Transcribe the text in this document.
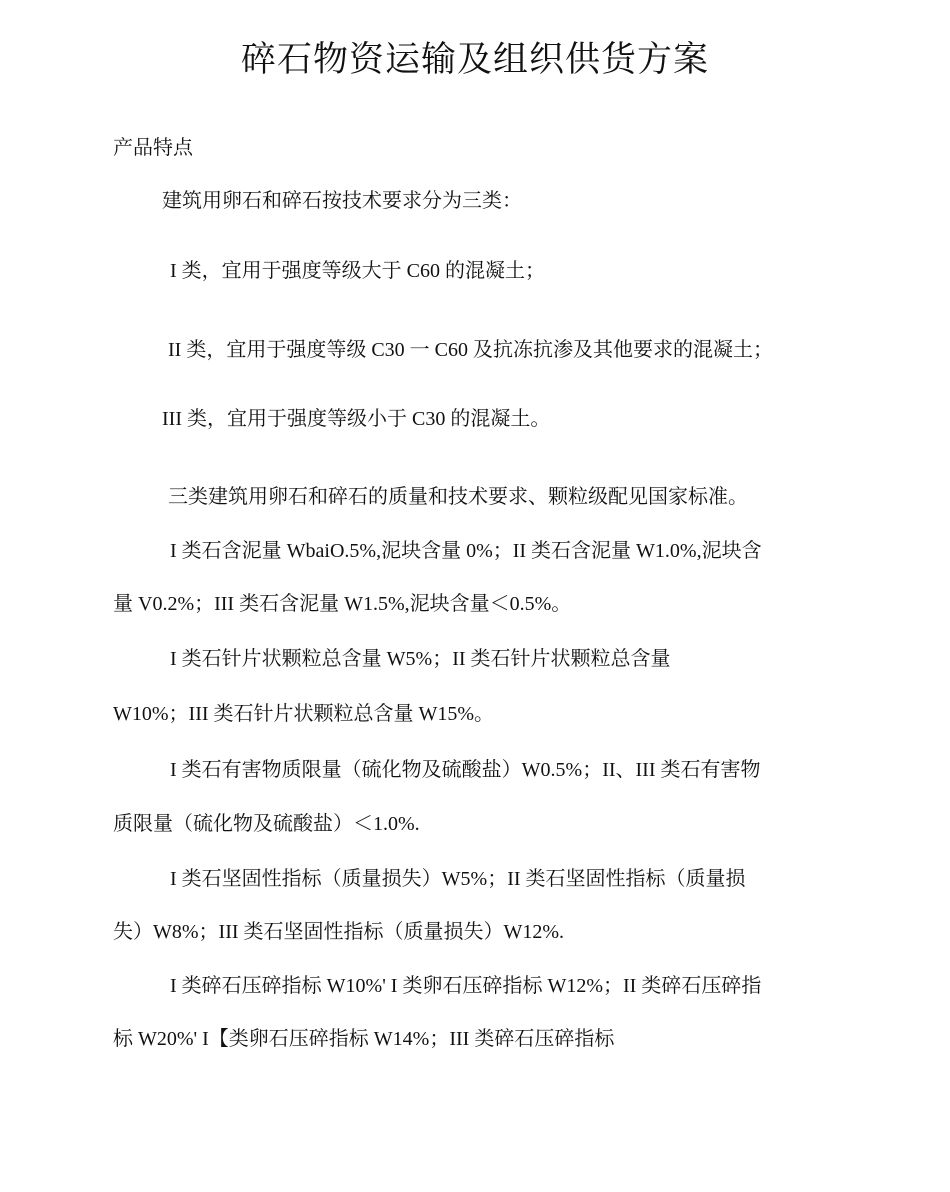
碎石物资运输及组织供货方案
产品特点
建筑用卵石和碎石按技术要求分为三类：
I 类，宜用于强度等级大于 C60 的混凝土；
II 类，宜用于强度等级 C30 一 C60 及抗冻抗渗及其他要求的混凝土；
III 类，宜用于强度等级小于 C30 的混凝土。
三类建筑用卵石和碎石的质量和技术要求、颗粒级配见国家标准。
I 类石含泥量 WbaiO.5%,泥块含量 0%；II 类石含泥量 W1.0%,泥块含
量 V0.2%；III 类石含泥量 W1.5%,泥块含量＜0.5%。
I 类石针片状颗粒总含量 W5%；II 类石针片状颗粒总含量
W10%；III 类石针片状颗粒总含量 W15%。
I 类石有害物质限量（硫化物及硫酸盐）W0.5%；II、III 类石有害物
质限量（硫化物及硫酸盐）＜1.0%.
I 类石坚固性指标（质量损失）W5%；II 类石坚固性指标（质量损
失）W8%；III 类石坚固性指标（质量损失）W12%.
I 类碎石压碎指标 W10%' I 类卵石压碎指标 W12%；II 类碎石压碎指
标 W20%' I【类卵石压碎指标 W14%；III 类碎石压碎指标
